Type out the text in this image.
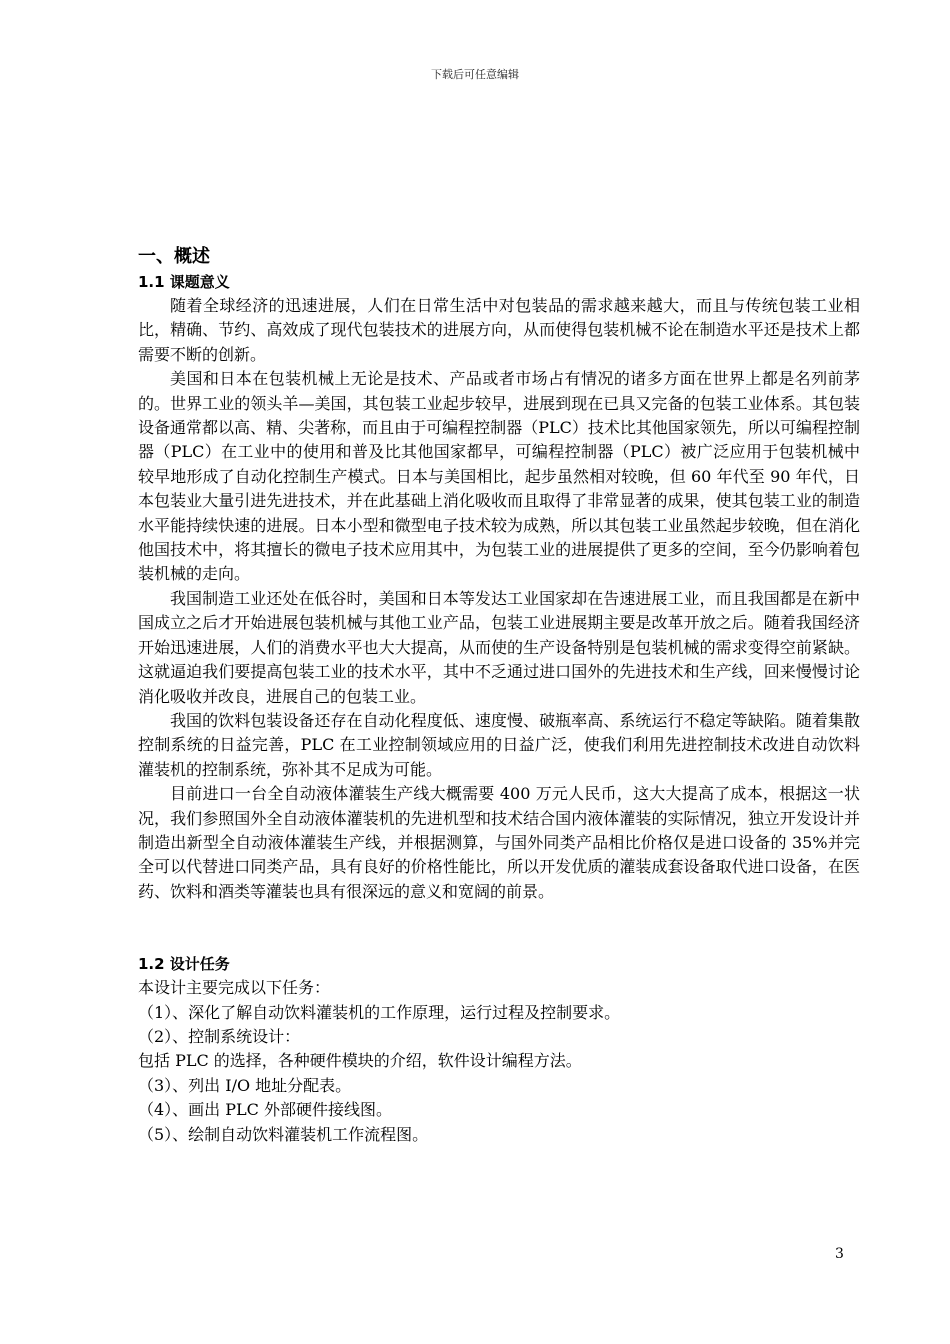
下载后可任意编辑
一、概述
1.1 课题意义

随着全球经济的迅速进展，人们在日常生活中对包装品的需求越来越大，而且与传统包装工业相比，精确、节约、高效成了现代包装技术的进展方向，从而使得包装机械不论在制造水平还是技术上都需要不断的创新。

美国和日本在包装机械上无论是技术、产品或者市场占有情况的诸多方面在世界上都是名列前茅的。世界工业的领头羊—美国，其包装工业起步较早，进展到现在已具又完备的包装工业体系。其包装设备通常都以高、精、尖著称，而且由于可编程控制器（PLC）技术比其他国家领先，所以可编程控制器（PLC）在工业中的使用和普及比其他国家都早，可编程控制器（PLC）被广泛应用于包装机械中较早地形成了自动化控制生产模式。日本与美国相比，起步虽然相对较晚，但 60 年代至 90 年代，日本包装业大量引进先进技术，并在此基础上消化吸收而且取得了非常显著的成果，使其包装工业的制造水平能持续快速的进展。日本小型和微型电子技术较为成熟，所以其包装工业虽然起步较晚，但在消化他国技术中，将其擅长的微电子技术应用其中，为包装工业的进展提供了更多的空间，至今仍影响着包装机械的走向。

我国制造工业还处在低谷时，美国和日本等发达工业国家却在告速进展工业，而且我国都是在新中国成立之后才开始进展包装机械与其他工业产品，包装工业进展期主要是改革开放之后。随着我国经济开始迅速进展，人们的消费水平也大大提高，从而使的生产设备特别是包装机械的需求变得空前紧缺。这就逼迫我们要提高包装工业的技术水平，其中不乏通过进口国外的先进技术和生产线，回来慢慢讨论消化吸收并改良，进展自己的包装工业。

我国的饮料包装设备还存在自动化程度低、速度慢、破瓶率高、系统运行不稳定等缺陷。随着集散控制系统的日益完善，PLC 在工业控制领域应用的日益广泛，使我们利用先进控制技术改进自动饮料灌装机的控制系统，弥补其不足成为可能。

目前进口一台全自动液体灌装生产线大概需要 400 万元人民币，这大大提高了成本，根据这一状况，我们参照国外全自动液体灌装机的先进机型和技术结合国内液体灌装的实际情况，独立开发设计并制造出新型全自动液体灌装生产线，并根据测算，与国外同类产品相比价格仅是进口设备的 35%并完全可以代替进口同类产品，具有良好的价格性能比，所以开发优质的灌装成套设备取代进口设备，在医药、饮料和酒类等灌装也具有很深远的意义和宽阔的前景。

1.2 设计任务

本设计主要完成以下任务：

（1）、深化了解自动饮料灌装机的工作原理，运行过程及控制要求。

（2）、控制系统设计：

包括 PLC 的选择，各种硬件模块的介绍，软件设计编程方法。

（3）、列出 I/O 地址分配表。

（4）、画出 PLC 外部硬件接线图。

（5）、绘制自动饮料灌装机工作流程图。

3
